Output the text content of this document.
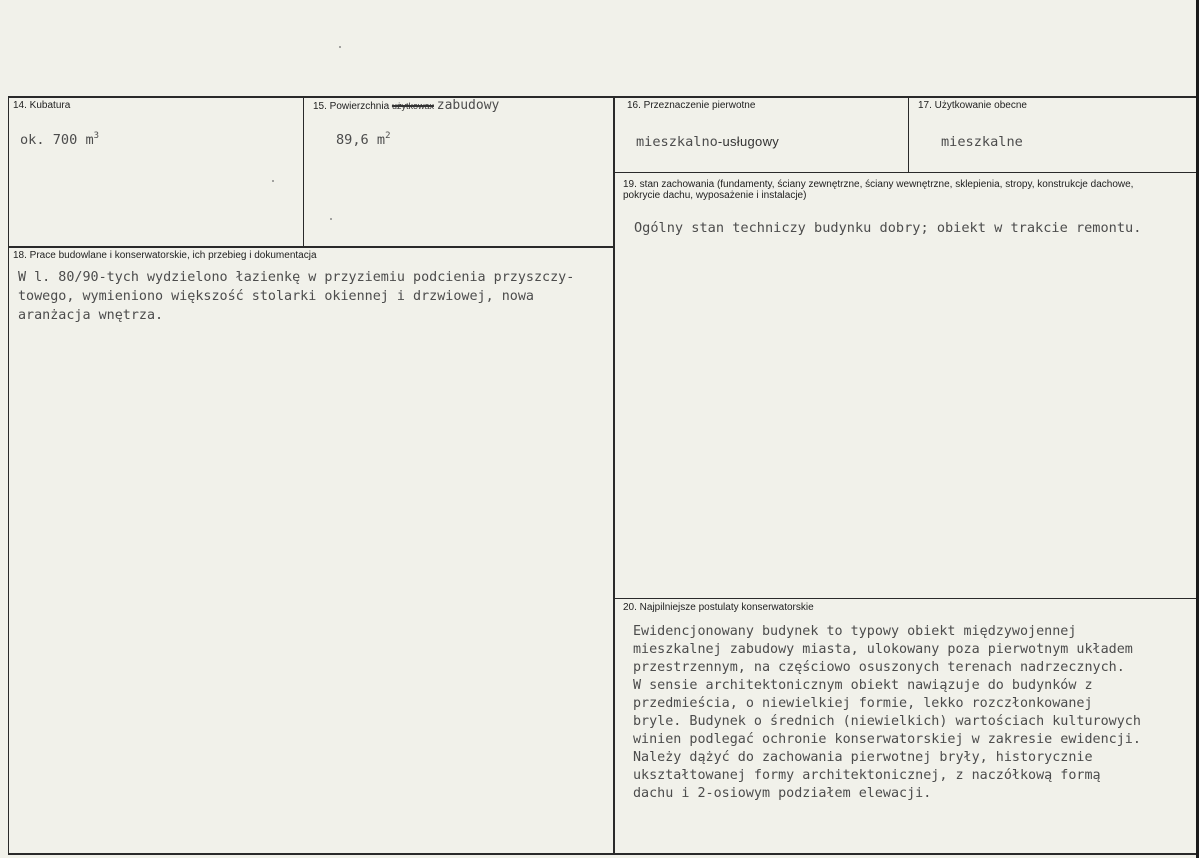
14. Kubatura
ok. 700 $m^3$
15. Powierzchnia użytkowax zabudowy
89,6 $m^2$
16. Przeznaczenie pierwotne
mieszkalno-usługowy
17. Użytkowanie obecne
mieszkalne
19. stan zachowania (fundamenty, ściany zewnętrzne, ściany wewnętrzne, sklepienia, stropy, konstrukcje dachowe, pokrycie dachu, wyposażenie i instalacje)
Ogólny stan techniczy budynku dobry; obiekt w trakcie remontu.
18. Prace budowlane i konserwatorskie, ich przebieg i dokumentacja
W l. 80/90-tych wydzielono łazienkę w przyziemiu podcienia przyszczy-
towego, wymieniono większość stolarki okiennej i drzwiowej, nowa
aranżacja wnętrza.
20. Najpilniejsze postulaty konserwatorskie
Ewidencjonowany budynek to typowy obiekt międzywojennej
mieszkalnej zabudowy miasta, ulokowany poza pierwotnym układem
przestrzennym, na częściowo osuszonych terenach nadrzecznych.
W sensie architektonicznym obiekt nawiązuje do budynków z
przedmieścia, o niewielkiej formie, lekko rozczłonkowanej
bryle. Budynek o średnich (niewielkich) wartościach kulturowych
winien podlegać ochronie konserwatorskiej w zakresie ewidencji.
Należy dążyć do zachowania pierwotnej bryły, historycznie
ukształtowanej formy architektonicznej, z naczółkową formą
dachu i 2-osiowym podziałem elewacji.
